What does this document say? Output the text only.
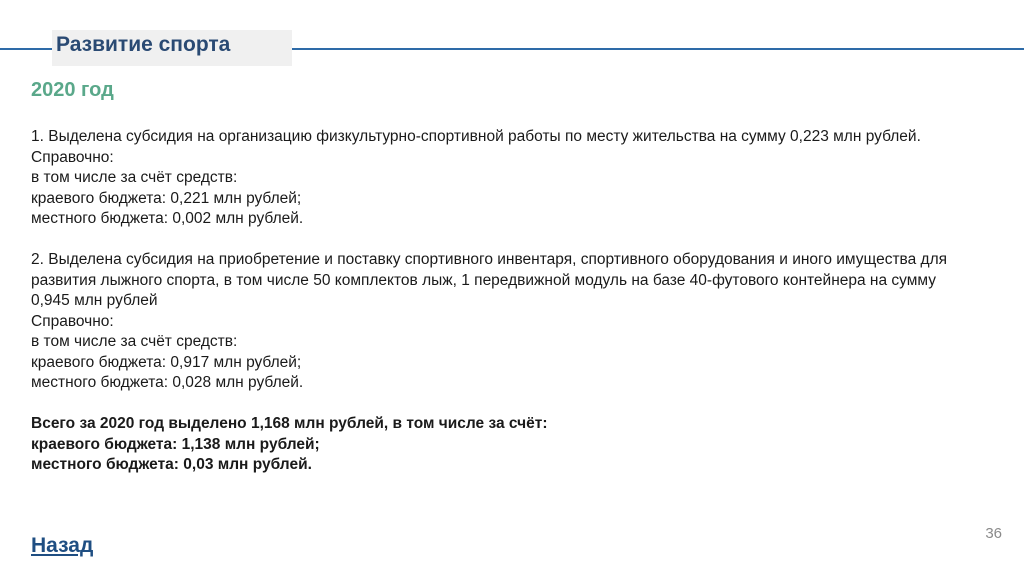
Развитие спорта
2020 год

1. Выделена субсидия на организацию физкультурно-спортивной работы по месту жительства на сумму 0,223 млн рублей.

Справочно:

в том числе за счёт средств:

краевого бюджета: 0,221 млн рублей;

местного бюджета: 0,002 млн рублей.

2. Выделена субсидия на приобретение и поставку спортивного инвентаря, спортивного оборудования и иного имущества для развития лыжного спорта, в том числе 50 комплектов лыж, 1 передвижной модуль на базе 40-футового контейнера на сумму 0,945 млн рублей

Справочно:

в том числе за счёт средств:

краевого бюджета: 0,917 млн рублей;

местного бюджета: 0,028 млн рублей.

Всего за 2020 год выделено 1,168 млн рублей, в том числе за счёт:

краевого бюджета: 1,138 млн рублей;

местного бюджета: 0,03 млн рублей.

Назад
36
